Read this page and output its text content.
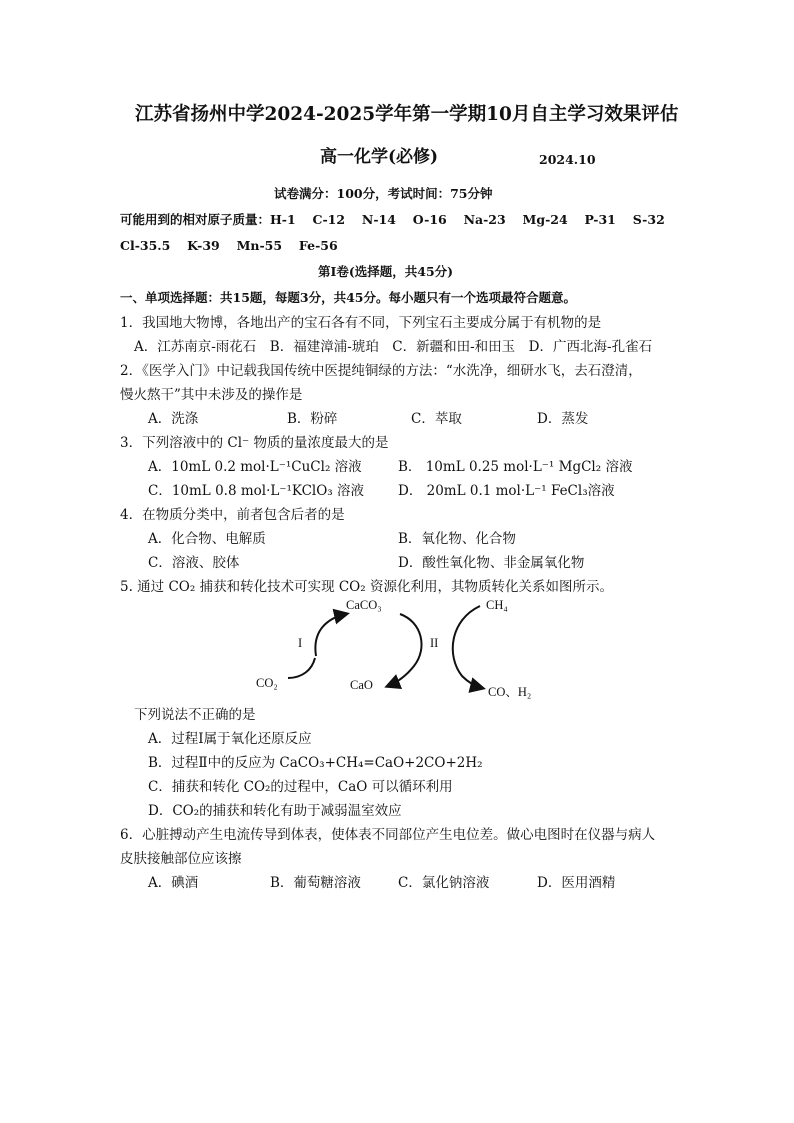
江苏省扬州中学2024-2025学年第一学期10月自主学习效果评估
高一化学(必修)	2024.10
试卷满分：100分，考试时间：75分钟
可能用到的相对原子质量：H-1　 C-12　 N-14　 O-16　 Na-23　 Mg-24　 P-31　 S-32
Cl-35.5　 K-39　 Mn-55　 Fe-56
第Ⅰ卷(选择题，共45分)
一、单项选择题：共15题，每题3分，共45分。每小题只有一个选项最符合题意。
1．我国地大物博，各地出产的宝石各有不同，下列宝石主要成分属于有机物的是
A．江苏南京-雨花石　B．福建漳浦-琥珀　C．新疆和田-和田玉　D．广西北海-孔雀石
2．《医学入门》中记载我国传统中医提纯铜绿的方法：“水洗净，细研水飞，去石澄清，
慢火熬干”其中未涉及的操作是
A．洗涤	B．粉碎	C．萃取	D．蒸发
3．下列溶液中的 Cl⁻ 物质的量浓度最大的是
A．10mL 0.2 mol·L⁻¹CuCl₂ 溶液	B． 10mL 0.25 mol·L⁻¹ MgCl₂ 溶液
C．10mL 0.8 mol·L⁻¹KClO₃ 溶液	D． 20mL 0.1 mol·L⁻¹ FeCl₃溶液
4．在物质分类中，前者包含后者的是
A．化合物、电解质	B．氧化物、化合物
C．溶液、胶体	D．酸性氧化物、非金属氧化物
5. 通过 CO₂ 捕获和转化技术可实现 CO₂ 资源化利用，其物质转化关系如图所示。
CaCO₃
CaO
CO₂
CH₄
CO、H₂
I	II
下列说法不正确的是
A．过程Ⅰ属于氧化还原反应
B．过程Ⅱ中的反应为 CaCO₃+CH₄=CaO+2CO+2H₂
C．捕获和转化 CO₂的过程中，CaO 可以循环利用
D．CO₂的捕获和转化有助于减弱温室效应
6．心脏搏动产生电流传导到体表，使体表不同部位产生电位差。做心电图时在仪器与病人
皮肤接触部位应该擦
A．碘酒	B．葡萄糖溶液	C．氯化钠溶液	D．医用酒精
